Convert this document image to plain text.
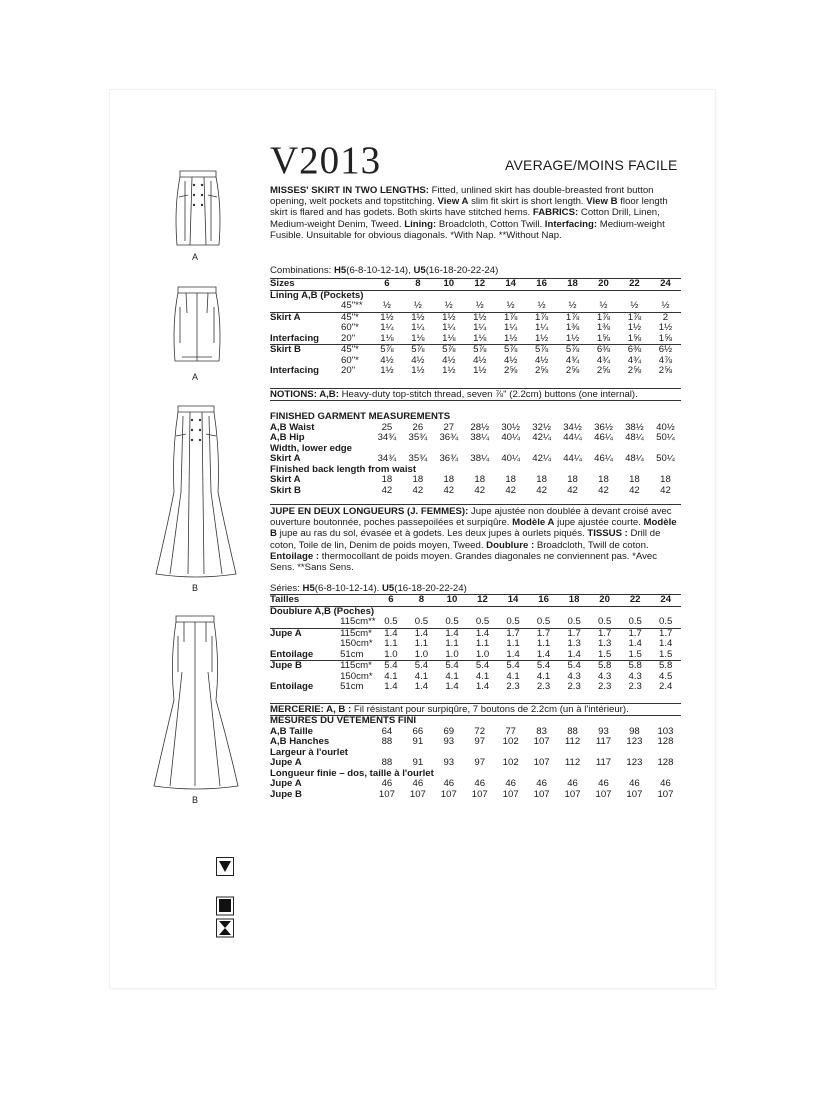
V2013	AVERAGE/MOINS FACILE
MISSES' SKIRT IN TWO LENGTHS: Fitted, unlined skirt has double-breasted front button opening, welt pockets and topstitching. View A slim fit skirt is short length. View B floor length skirt is flared and has godets. Both skirts have stitched hems. FABRICS: Cotton Drill, Linen, Medium-weight Denim, Tweed. Lining: Broadcloth, Cotton Twill. Interfacing: Medium-weight Fusible. Unsuitable for obvious diagonals. *With Nap. **Without Nap.
Combinations: H5(6-8-10-12-14), U5(16-18-20-22-24)
Sizes		6	8	10	12	14	16	18	20	22	24
Lining A,B (Pockets)											
	45"**	½	½	½	½	½	½	½	½	½	½
Skirt A	45"*	1½	1½	1½	1½	1⅞	1⅞	1⅞	1⅞	1⅞	2
	60"*	1¼	1¼	1¼	1¼	1¼	1¼	1⅜	1⅜	1½	1½
Interfacing	20"	1⅛	1⅛	1⅛	1⅛	1½	1½	1½	1⅝	1⅝	1⅝
Skirt B	45"*	5⅞	5⅞	5⅞	5⅞	5⅞	5⅞	5⅞	6⅜	6⅜	6½
	60"*	4½	4½	4½	4½	4½	4½	4¾	4¾	4¾	4⅞
Interfacing	20"	1½	1½	1½	1½	2⅝	2⅝	2⅝	2⅝	2⅝	2⅝
NOTIONS: A,B: Heavy-duty top-stitch thread, seven ⅞" (2.2cm) buttons (one internal).
FINISHED GARMENT MEASUREMENTS											
A,B Waist		25	26	27	28½	30½	32½	34½	36½	38½	40½
A,B Hip		34¾	35¾	36¾	38¼	40¼	42¼	44¼	46¼	48¼	50¼
Width, lower edge											
Skirt A		34¾	35¾	36¾	38¼	40¼	42¼	44¼	46¼	48¼	50¼
Finished back length from waist											
Skirt A		18	18	18	18	18	18	18	18	18	18
Skirt B		42	42	42	42	42	42	42	42	42	42
JUPE EN DEUX LONGUEURS (J. FEMMES): Jupe ajustée non doublée à devant croisé avec ouverture boutonnée, poches passepoilées et surpiqûre. Modèle A jupe ajustée courte. Modèle B jupe au ras du sol, évasée et à godets. Les deux jupes à ourlets piqués. TISSUS : Drill de coton, Toile de lin, Denim de poids moyen, Tweed. Doublure : Broadcloth, Twill de coton. Entoilage : thermocollant de poids moyen. Grandes diagonales ne conviennent pas. *Avec Sens. **Sans Sens.
Séries: H5(6-8-10-12-14). U5(16-18-20-22-24)
Tailles		6	8	10	12	14	16	18	20	22	24
Doublure A,B (Poches)											
	115cm**	0.5	0.5	0.5	0.5	0.5	0.5	0.5	0.5	0.5	0.5
Jupe A	115cm*	1.4	1.4	1.4	1.4	1.7	1.7	1.7	1.7	1.7	1.7
	150cm*	1.1	1.1	1.1	1.1	1.1	1.1	1.3	1.3	1.4	1.4
Entoilage	51cm	1.0	1.0	1.0	1.0	1.4	1.4	1.4	1.5	1.5	1.5
Jupe B	115cm*	5.4	5.4	5.4	5.4	5.4	5.4	5.4	5.8	5.8	5.8
	150cm*	4.1	4.1	4.1	4.1	4.1	4.1	4.3	4.3	4.3	4.5
Entoilage	51cm	1.4	1.4	1.4	1.4	2.3	2.3	2.3	2.3	2.3	2.4
MERCERIE: A, B : Fil résistant pour surpiqûre, 7 boutons de 2.2cm (un à l'intérieur).
MESURES DU VÊTEMENTS FINI											
A,B Taille		64	66	69	72	77	83	88	93	98	103
A,B Hanches		88	91	93	97	102	107	112	117	123	128
Largeur à l'ourlet											
Jupe A		88	91	93	97	102	107	112	117	123	128
Longueur finie – dos, taille à l'ourlet											
Jupe A		46	46	46	46	46	46	46	46	46	46
Jupe B		107	107	107	107	107	107	107	107	107	107
A
A
B
B
